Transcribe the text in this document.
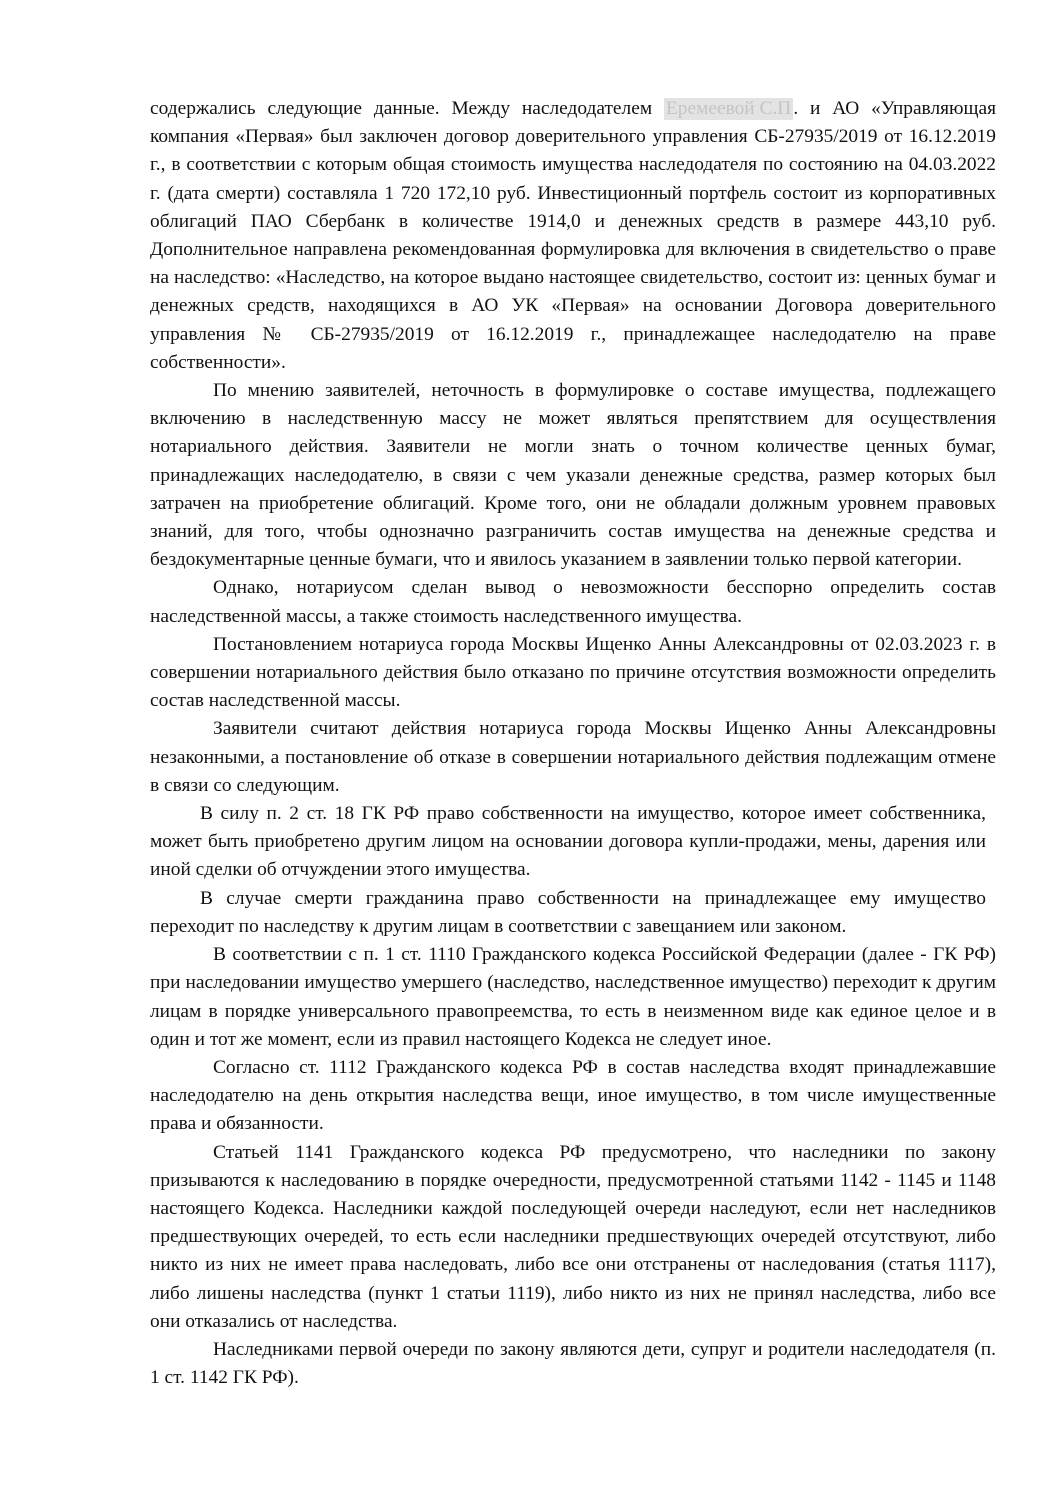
содержались следующие данные. Между наследодателем Еремеевой С.П . и АО «Управляющая компания «Первая» был заключен договор доверительного управления СБ-27935/2019 от 16.12.2019 г., в соответствии с которым общая стоимость имущества наследодателя по состоянию на 04.03.2022 г. (дата смерти) составляла 1 720 172,10 руб. Инвестиционный портфель состоит из корпоративных облигаций ПАО Сбербанк в количестве 1914,0 и денежных средств в размере 443,10 руб. Дополнительное направлена рекомендованная формулировка для включения в свидетельство о праве на наследство: «Наследство, на которое выдано настоящее свидетельство, состоит из: ценных бумаг и денежных средств, находящихся в АО УК «Первая» на основании Договора доверительного управления № СБ-27935/2019 от 16.12.2019 г., принадлежащее наследодателю на праве собственности».

По мнению заявителей, неточность в формулировке о составе имущества, подлежащего включению в наследственную массу не может являться препятствием для осуществления нотариального действия. Заявители не могли знать о точном количестве ценных бумаг, принадлежащих наследодателю, в связи с чем указали денежные средства, размер которых был затрачен на приобретение облигаций. Кроме того, они не обладали должным уровнем правовых знаний, для того, чтобы однозначно разграничить состав имущества на денежные средства и бездокументарные ценные бумаги, что и явилось указанием в заявлении только первой категории.

Однако, нотариусом сделан вывод о невозможности бесспорно определить состав наследственной массы, а также стоимость наследственного имущества.

Постановлением нотариуса города Москвы Ищенко Анны Александровны от 02.03.2023 г. в совершении нотариального действия было отказано по причине отсутствия возможности определить состав наследственной массы.

Заявители считают действия нотариуса города Москвы Ищенко Анны Александровны незаконными, а постановление об отказе в совершении нотариального действия подлежащим отмене в связи со следующим.

В силу п. 2 ст. 18 ГК РФ право собственности на имущество, которое имеет собственника, может быть приобретено другим лицом на основании договора купли-продажи, мены, дарения или иной сделки об отчуждении этого имущества.

В случае смерти гражданина право собственности на принадлежащее ему имущество переходит по наследству к другим лицам в соответствии с завещанием или законом.

В соответствии с п. 1 ст. 1110 Гражданского кодекса Российской Федерации (далее - ГК РФ) при наследовании имущество умершего (наследство, наследственное имущество) переходит к другим лицам в порядке универсального правопреемства, то есть в неизменном виде как единое целое и в один и тот же момент, если из правил настоящего Кодекса не следует иное.

Согласно ст. 1112 Гражданского кодекса РФ в состав наследства входят принадлежавшие наследодателю на день открытия наследства вещи, иное имущество, в том числе имущественные права и обязанности.

Статьей 1141 Гражданского кодекса РФ предусмотрено, что наследники по закону призываются к наследованию в порядке очередности, предусмотренной статьями 1142 - 1145 и 1148 настоящего Кодекса. Наследники каждой последующей очереди наследуют, если нет наследников предшествующих очередей, то есть если наследники предшествующих очередей отсутствуют, либо никто из них не имеет права наследовать, либо все они отстранены от наследования (статья 1117), либо лишены наследства (пункт 1 статьи 1119), либо никто из них не принял наследства, либо все они отказались от наследства.

Наследниками первой очереди по закону являются дети, супруг и родители наследодателя (п. 1 ст. 1142 ГК РФ).
